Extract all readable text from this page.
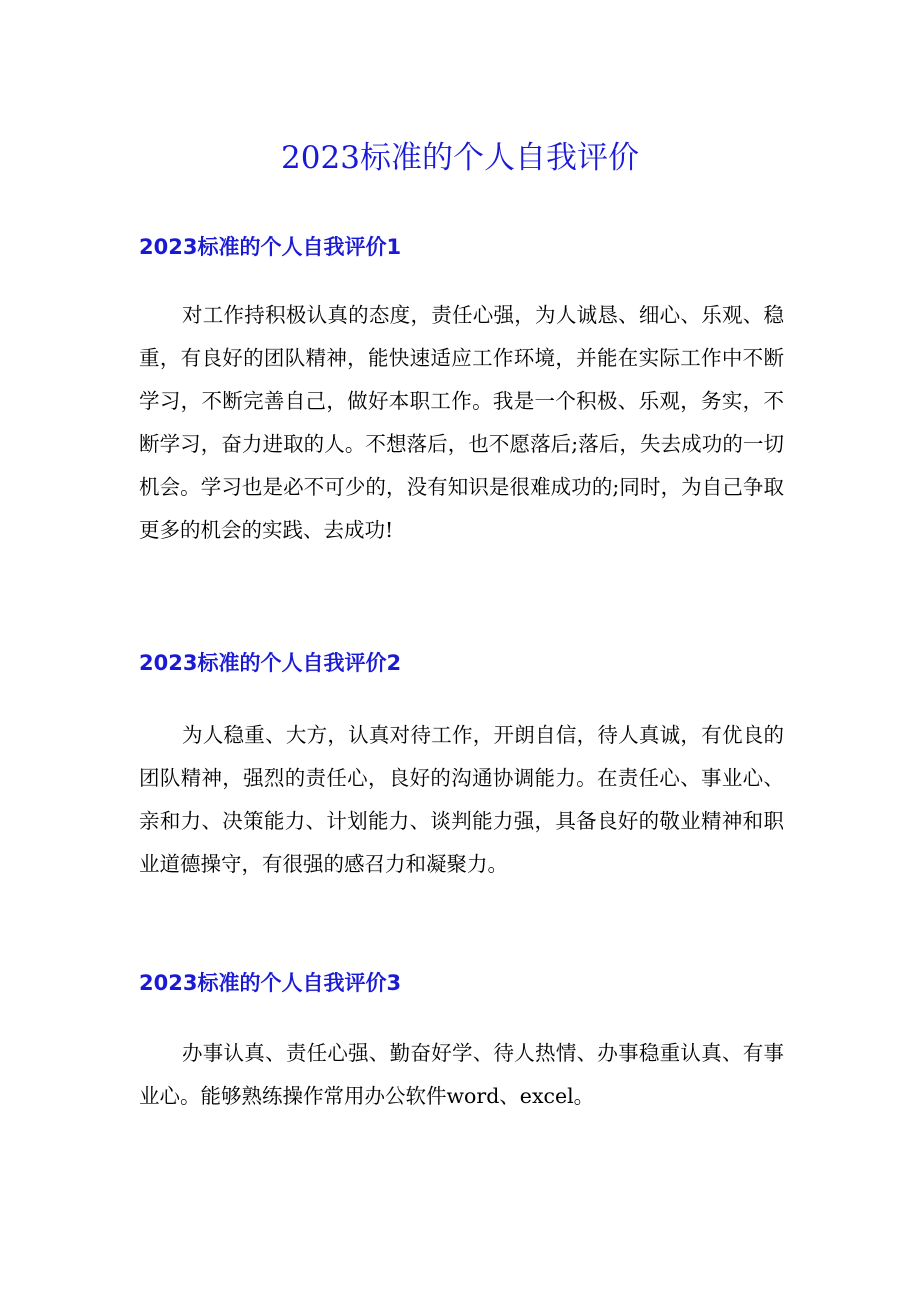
2023标准的个人自我评价
2023标准的个人自我评价1

对工作持积极认真的态度，责任心强，为人诚恳、细心、乐观、稳重，有良好的团队精神，能快速适应工作环境，并能在实际工作中不断学习，不断完善自己，做好本职工作。我是一个积极、乐观，务实，不断学习，奋力进取的人。不想落后，也不愿落后;落后，失去成功的一切机会。学习也是必不可少的，没有知识是很难成功的;同时，为自己争取更多的机会的实践、去成功!

2023标准的个人自我评价2

为人稳重、大方，认真对待工作，开朗自信，待人真诚，有优良的团队精神，强烈的责任心，良好的沟通协调能力。在责任心、事业心、亲和力、决策能力、计划能力、谈判能力强，具备良好的敬业精神和职业道德操守，有很强的感召力和凝聚力。

2023标准的个人自我评价3

办事认真、责任心强、勤奋好学、待人热情、办事稳重认真、有事业心。能够熟练操作常用办公软件word、excel。
